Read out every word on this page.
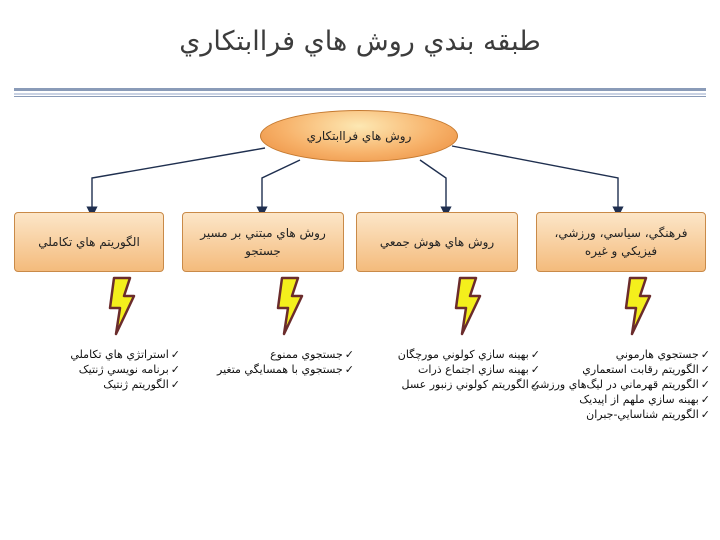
طبقه بندي روش هاي فراابتکاري
روش هاي فراابتکاري
الگوريتم هاي تکاملي
روش هاي مبتني بر مسير جستجو
روش هاي هوش جمعي
فرهنگي، سياسي، ورزشي، فيزيکي و غيره
✓ استراتژي هاي تکاملي
✓ برنامه نويسي ژنتيک
✓ الگوريتم ژنتيک
✓ جستجوي ممنوع
✓ جستجوي با همسايگي متغير
✓ بهينه سازي کولوني مورچگان
✓ بهينه سازي اجتماع ذرات
✓ الگوريتم کولوني زنبور عسل
✓ جستجوي هارموني
✓ الگوريتم رقابت استعماري
✓ الگوريتم قهرماني در ليگ‌هاي ورزشي
✓ بهينه سازي ملهم از اپيديک
✓ الگوريتم شناسايي-جبران
